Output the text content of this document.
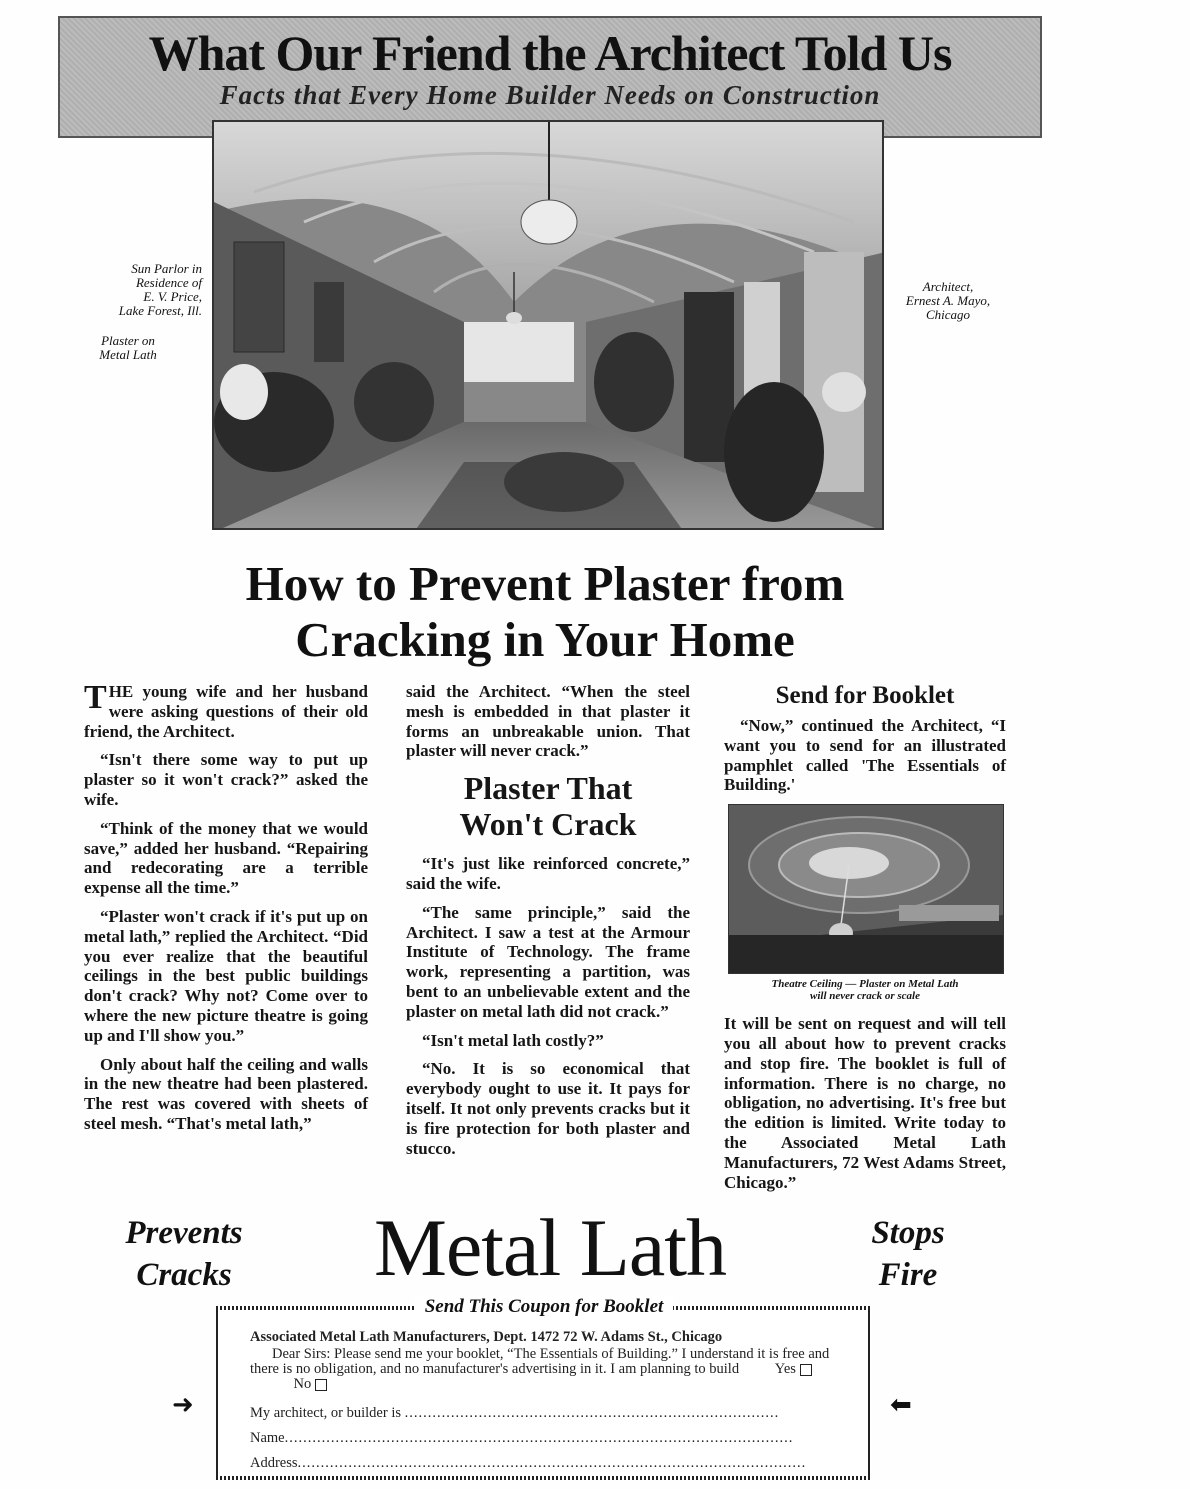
What Our Friend the Architect Told Us
Facts that Every Home Builder Needs on Construction
Sun Parlor in
Residence of
E. V. Price,
Lake Forest, Ill.
Plaster on
Metal Lath
Architect,
Ernest A. Mayo,
Chicago
How to Prevent Plaster from
Cracking in Your Home

THE young wife and her husband were asking questions of their old friend, the Architect.

“Isn't there some way to put up plaster so it won't crack?” asked the wife.

“Think of the money that we would save,” added her husband. “Repairing and redecorating are a terrible expense all the time.”

“Plaster won't crack if it's put up on metal lath,” replied the Architect. “Did you ever realize that the beautiful ceilings in the best public buildings don't crack? Why not? Come over to where the new picture theatre is going up and I'll show you.”

Only about half the ceiling and walls in the new theatre had been plastered. The rest was covered with sheets of steel mesh. “That's metal lath,”

said the Architect. “When the steel mesh is embedded in that plaster it forms an unbreakable union. That plaster will never crack.”

Plaster That
Won't Crack

“It's just like reinforced concrete,” said the wife.

“The same principle,” said the Architect. I saw a test at the Armour Institute of Technology. The frame work, representing a partition, was bent to an unbelievable extent and the plaster on metal lath did not crack.”

“Isn't metal lath costly?”

“No. It is so economical that everybody ought to use it. It pays for itself. It not only prevents cracks but it is fire protection for both plaster and stucco.

Send for Booklet

“Now,” continued the Architect, “I want you to send for an illustrated pamphlet called 'The Essentials of Building.'

Theatre Ceiling — Plaster on Metal Lath
will never crack or scale

It will be sent on request and will tell you all about how to prevent cracks and stop fire. The booklet is full of information. There is no charge, no obligation, no advertising. It's free but the edition is limited. Write today to the Associated Metal Lath Manufacturers, 72 West Adams Street, Chicago.”

Prevents
Cracks	Metal Lath	Stops
Fire
Send This Coupon for Booklet
Associated Metal Lath Manufacturers, Dept. 1472 72 W. Adams St., Chicago
Dear Sirs: Please send me your booklet, “The Essentials of Building.” I understand it is free and there is no obligation, and no manufacturer's advertising in it. I am planning to build Yes             No
My architect, or builder is .................................................................................
Name..............................................................................................................
Address..............................................................................................................
➜	⬅
